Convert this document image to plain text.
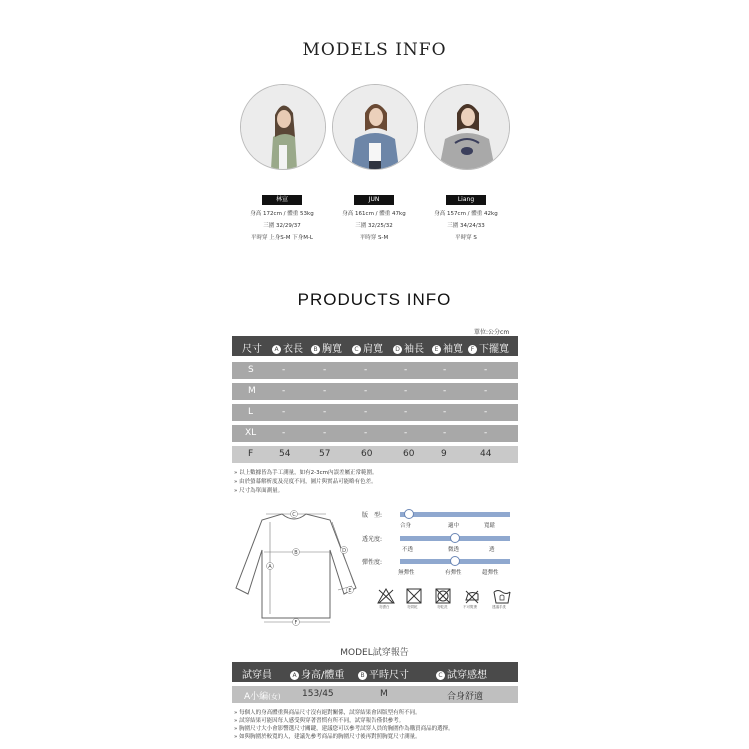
MODELS INFO
林宣
身高 172cm / 體重 53kg
三圍 32/29/37
平時穿 上身S-M 下身M-L
JUN
身高 161cm / 體重 47kg
三圍 32/25/32
平時穿 S-M
Liang
身高 157cm / 體重 42kg
三圍 34/24/33
平時穿 S
PRODUCTS INFO
單位:公分cm
尺寸	A 衣長	B 胸寬	C 肩寬	D 袖長	E 袖寬	F 下擺寬
S	-	-	-	-	-	-
M	-	-	-	-	-	-
L	-	-	-	-	-	-
XL	-	-	-	-	-	-
F	54	57	60	60	9	44
» 以上數據皆為手工測量，如有2-3cm內誤差屬正常範圍。
» 由於螢幕解析度及亮度不同，圖片與實品可能略有色差。
» 尺寸為單面測量。
C
B	D
A
E
F
版　型:
合身	適中	寬鬆
透光度:
不透	微透	透
彈性度:
無彈性	有彈性	超彈性
勿漂白	勿烘乾	勿乾洗	不可熨燙	建議手洗
MODEL試穿報告
試穿員	A 身高/體重	B 平時尺寸	C 試穿感想
A小編(女) 153/45	M	合身舒適
» 每個人的身高體重與商品尺寸沒有絕對關係，試穿結果會因版型有所不同。
» 試穿結果可能因每人感受與穿著習慣有所不同，試穿報告僅供參考。
» 胸圍尺寸大小會影響選尺寸關鍵，建議您可以參考試穿人員的胸圍作為購買商品的選擇。
» 如與胸圍於較寬的人，建議先參考商品的胸圍尺寸後再對照胸寬尺寸測量。
